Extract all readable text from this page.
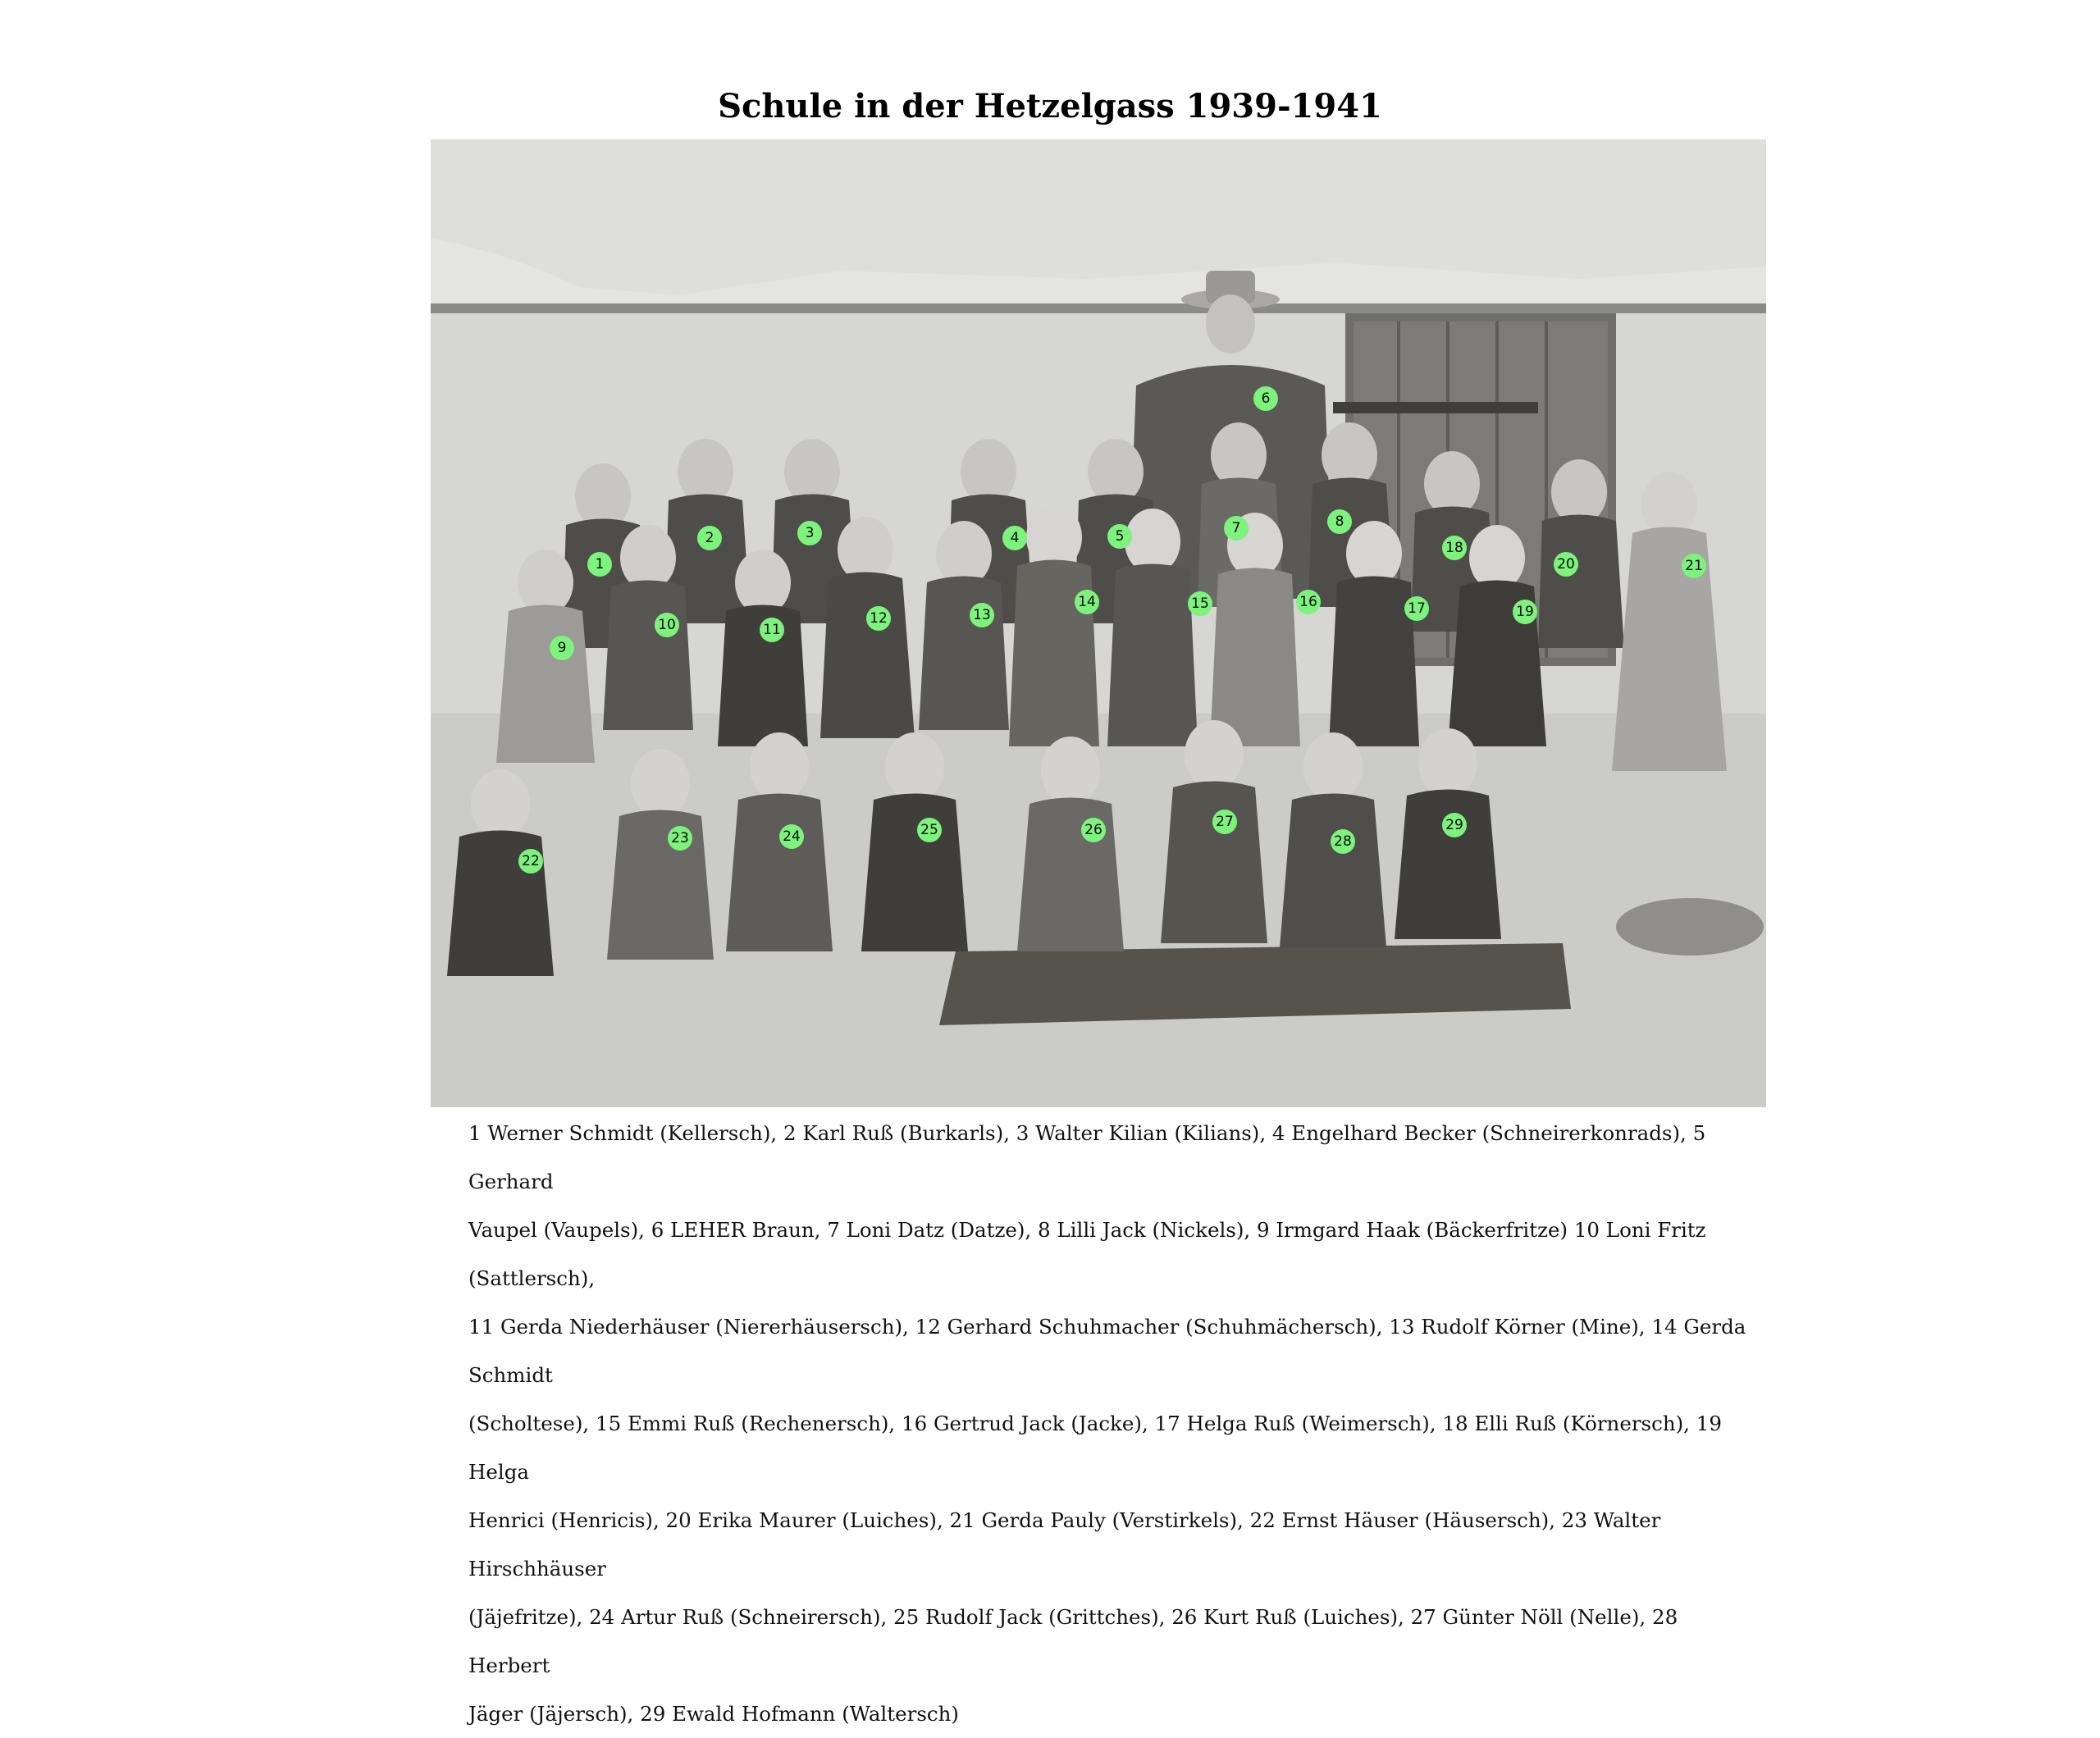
Schule in der Hetzelgass 1939-1941
1
2	3	4	5
6
7	8
9
10	11
12	13
14	15	16	17
18
19
20	21
22
23	24	25	26	27
28
29
1 Werner Schmidt (Kellersch), 2 Karl Ruß (Burkarls), 3 Walter Kilian (Kilians), 4 Engelhard Becker (Schneirerkonrads), 5 Gerhard
Vaupel (Vaupels), 6 LEHER Braun, 7 Loni Datz (Datze), 8 Lilli Jack (Nickels), 9 Irmgard Haak (Bäckerfritze) 10 Loni Fritz (Sattlersch),
11 Gerda Niederhäuser (Niererhäusersch), 12 Gerhard Schuhmacher (Schuhmächersch), 13 Rudolf Körner (Mine), 14 Gerda Schmidt
(Scholtese), 15 Emmi Ruß (Rechenersch), 16 Gertrud Jack (Jacke), 17 Helga Ruß (Weimersch), 18 Elli Ruß (Körnersch), 19 Helga
Henrici (Henricis), 20 Erika Maurer (Luiches), 21 Gerda Pauly (Verstirkels), 22 Ernst Häuser (Häusersch), 23 Walter Hirschhäuser
(Jäjefritze), 24 Artur Ruß (Schneirersch), 25 Rudolf Jack (Grittches), 26 Kurt Ruß (Luiches), 27 Günter Nöll (Nelle), 28 Herbert
Jäger (Jäjersch), 29 Ewald Hofmann (Waltersch)
